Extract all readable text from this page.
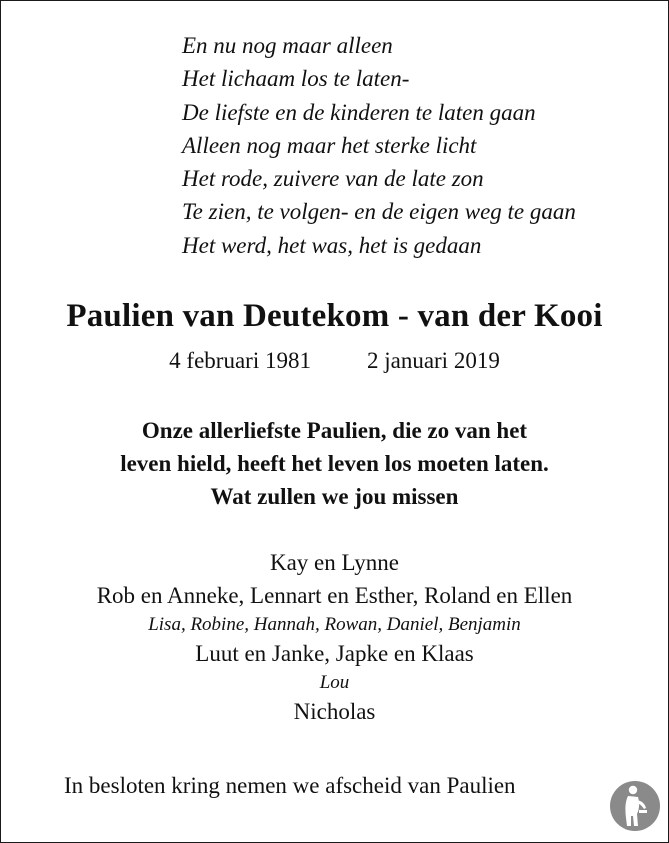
En nu nog maar alleen
Het lichaam los te laten-
De liefste en de kinderen te laten gaan
Alleen nog maar het sterke licht
Het rode, zuivere van de late zon
Te zien, te volgen- en de eigen weg te gaan
Het werd, het was, het is gedaan
Paulien van Deutekom - van der Kooi
4 februari 1981 2 januari 2019
Onze allerliefste Paulien, die zo van het
leven hield, heeft het leven los moeten laten.
Wat zullen we jou missen
Kay en Lynne
Rob en Anneke, Lennart en Esther, Roland en Ellen
Lisa, Robine, Hannah, Rowan, Daniel, Benjamin
Luut en Janke, Japke en Klaas
Lou
Nicholas
In besloten kring nemen we afscheid van Paulien
